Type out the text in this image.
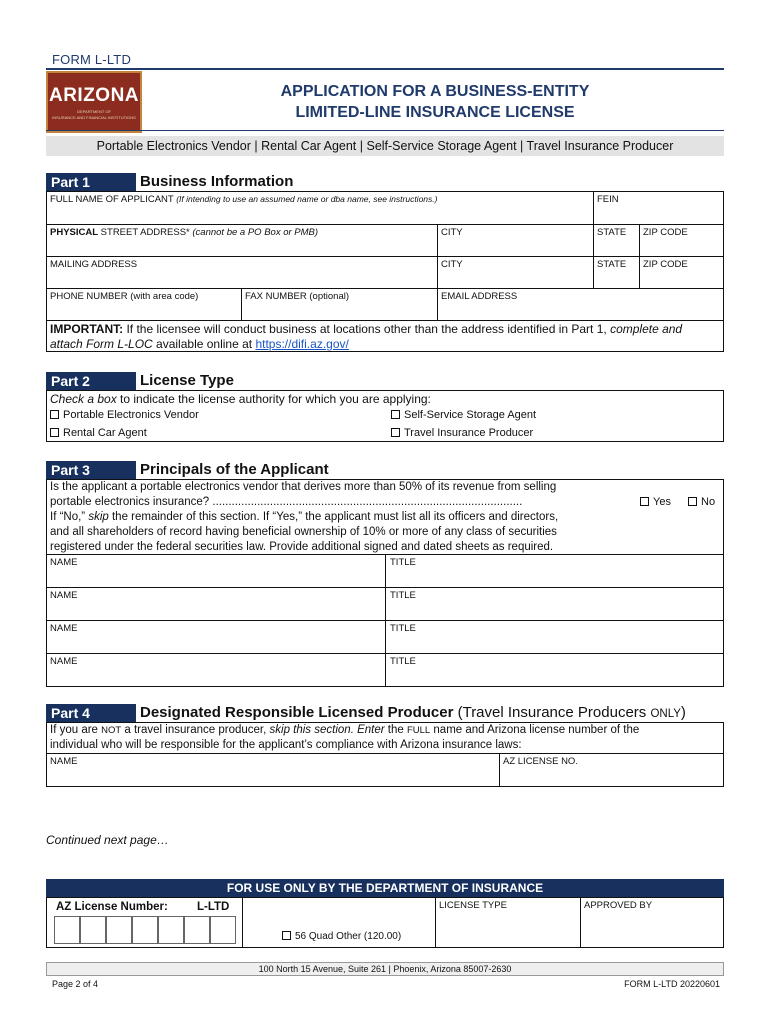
FORM L-LTD
ARIZONA
DEPARTMENT OF
INSURANCE AND FINANCIAL INSTITUTIONS
APPLICATION FOR A BUSINESS-ENTITY
LIMITED-LINE INSURANCE LICENSE
Portable Electronics Vendor | Rental Car Agent | Self-Service Storage Agent | Travel Insurance Producer
Part 1	Business Information
FULL NAME OF APPLICANT (If intending to use an assumed name or dba name, see instructions.)	FEIN
PHYSICAL STREET ADDRESS* (cannot be a PO Box or PMB)	CITY	STATE ZIP CODE
MAILING ADDRESS	CITY	STATE ZIP CODE
PHONE NUMBER (with area code)	FAX NUMBER (optional)	EMAIL ADDRESS
IMPORTANT: If the licensee will conduct business at locations other than the address identified in Part 1, complete and
attach Form L-LOC available online at https://difi.az.gov/
Part 2	License Type
Check a box to indicate the license authority for which you are applying:
Portable Electronics Vendor	Self-Service Storage Agent
Rental Car Agent	Travel Insurance Producer
Part 3	Principals of the Applicant
Is the applicant a portable electronics vendor that derives more than 50% of its revenue from selling
portable electronics insurance? .................................................................................................	Yes	No
If “No,” skip the remainder of this section. If “Yes,” the applicant must list all its officers and directors,
and all shareholders of record having beneficial ownership of 10% or more of any class of securities
registered under the federal securities law. Provide additional signed and dated sheets as required.
NAME	TITLE
NAME	TITLE
NAME	TITLE
NAME	TITLE
Part 4	Designated Responsible Licensed Producer (Travel Insurance Producers ONLY)
If you are NOT a travel insurance producer, skip this section. Enter the FULL name and Arizona license number of the
individual who will be responsible for the applicant’s compliance with Arizona insurance laws:
NAME	AZ LICENSE NO.
Continued next page…
FOR USE ONLY BY THE DEPARTMENT OF INSURANCE
AZ License Number:	L-LTD	LICENSE TYPE	APPROVED BY
56 Quad Other (120.00)
100 North 15 Avenue, Suite 261 | Phoenix, Arizona 85007-2630
Page 2 of 4	FORM L-LTD 20220601
